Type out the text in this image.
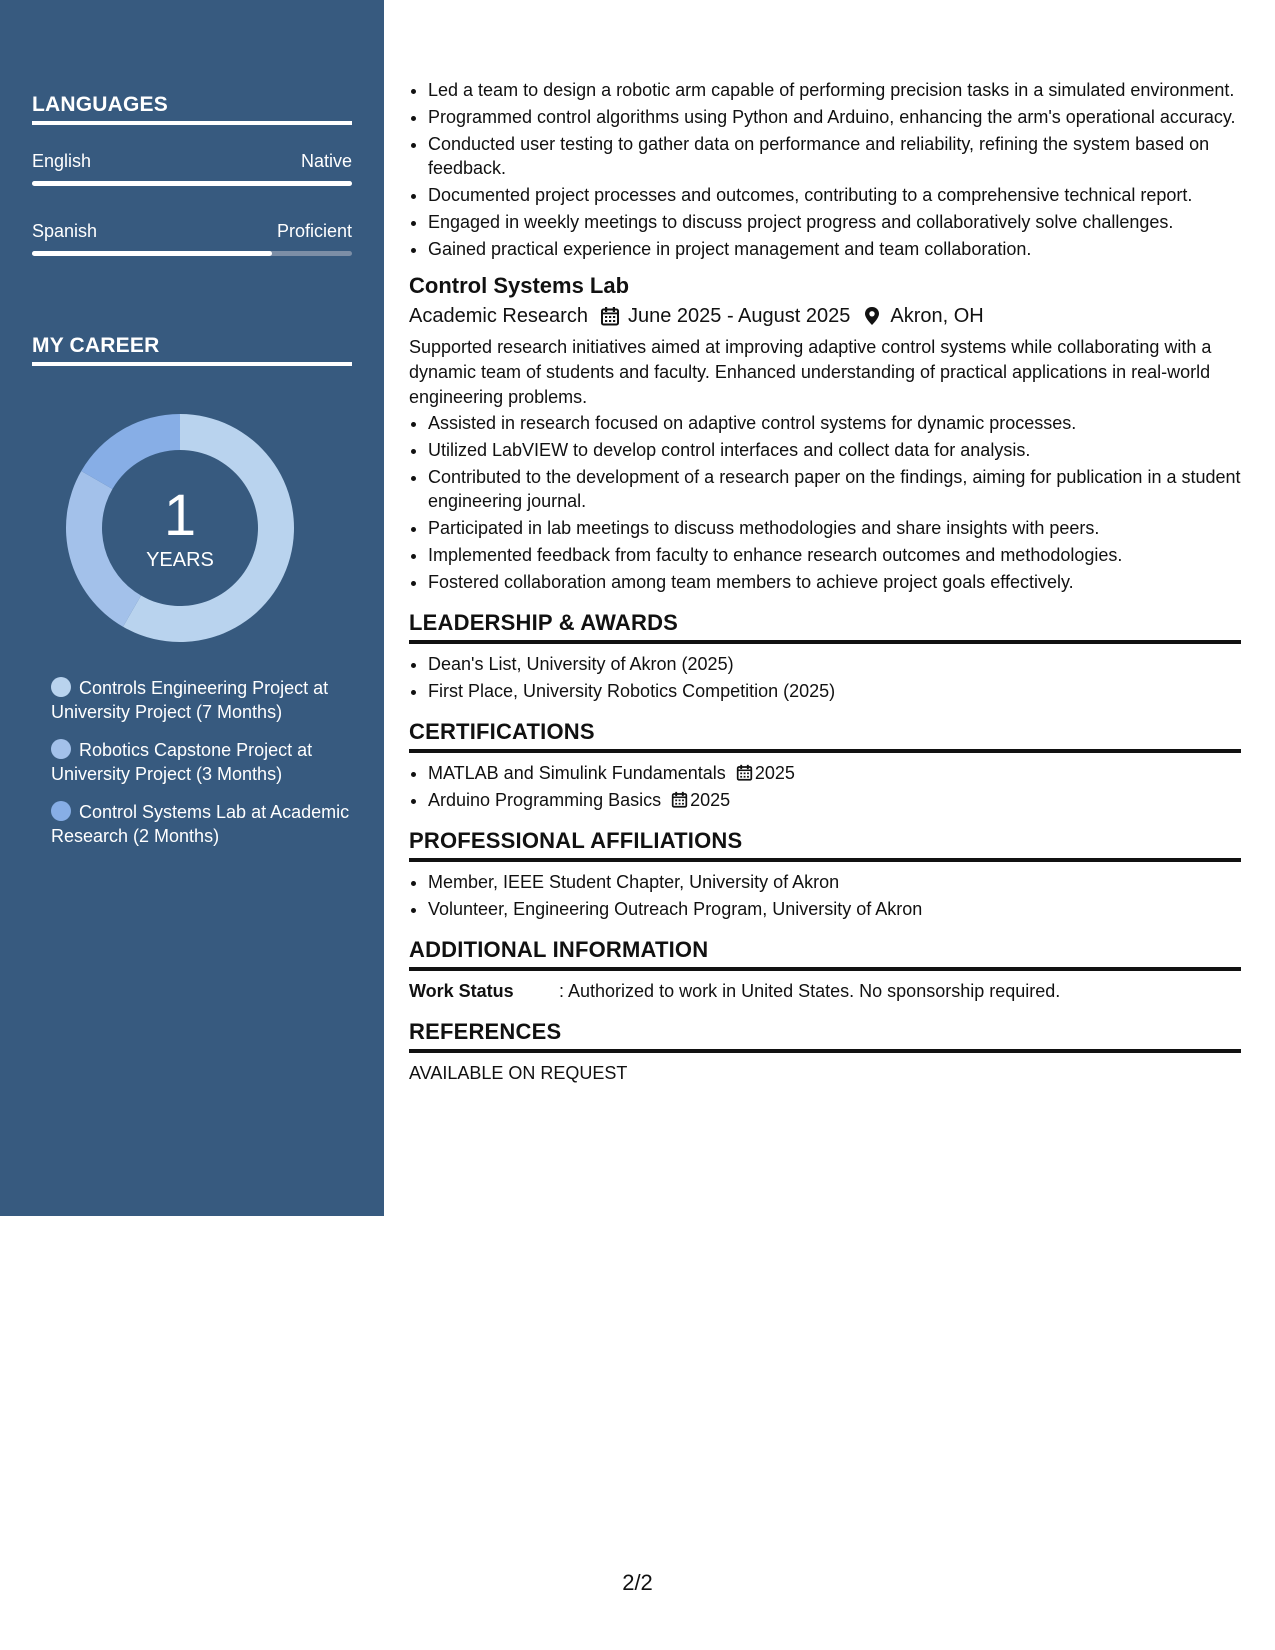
LANGUAGES
English	Native
Spanish	Proficient
MY CAREER
1
YEARS
Controls Engineering Project at University Project (7 Months)
Robotics Capstone Project at University Project (3 Months)
Control Systems Lab at Academic Research (2 Months)
• Led a team to design a robotic arm capable of performing precision tasks in a simulated environment.
• Programmed control algorithms using Python and Arduino, enhancing the arm's operational accuracy.
• Conducted user testing to gather data on performance and reliability, refining the system based on feedback.
• Documented project processes and outcomes, contributing to a comprehensive technical report.
• Engaged in weekly meetings to discuss project progress and collaboratively solve challenges.
• Gained practical experience in project management and team collaboration.
Control Systems Lab
Academic Research June 2025 - August 2025 Akron, OH
Supported research initiatives aimed at improving adaptive control systems while collaborating with a dynamic team of students and faculty. Enhanced understanding of practical applications in real-world engineering problems.
• Assisted in research focused on adaptive control systems for dynamic processes.
• Utilized LabVIEW to develop control interfaces and collect data for analysis.
• Contributed to the development of a research paper on the findings, aiming for publication in a student engineering journal.
• Participated in lab meetings to discuss methodologies and share insights with peers.
• Implemented feedback from faculty to enhance research outcomes and methodologies.
• Fostered collaboration among team members to achieve project goals effectively.
LEADERSHIP & AWARDS
• Dean's List, University of Akron (2025)
• First Place, University Robotics Competition (2025)
CERTIFICATIONS
• MATLAB and Simulink Fundamentals 2025
• Arduino Programming Basics 2025
PROFESSIONAL AFFILIATIONS
• Member, IEEE Student Chapter, University of Akron
• Volunteer, Engineering Outreach Program, University of Akron
ADDITIONAL INFORMATION
Work Status	: Authorized to work in United States. No sponsorship required.
REFERENCES
AVAILABLE ON REQUEST
2/2
